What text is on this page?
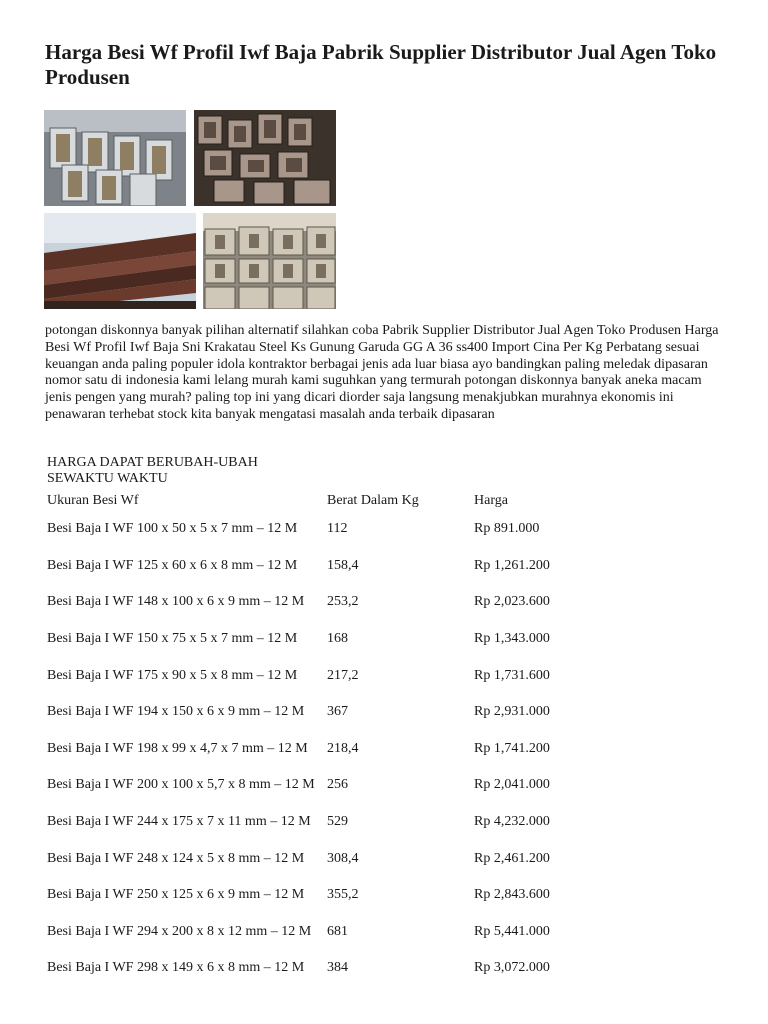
Harga Besi Wf Profil Iwf Baja Pabrik Supplier Distributor Jual Agen Toko Produsen

potongan diskonnya banyak pilihan alternatif silahkan coba Pabrik Supplier Distributor Jual Agen Toko Produsen Harga Besi Wf Profil Iwf Baja Sni Krakatau Steel Ks Gunung Garuda GG A 36 ss400 Import Cina Per Kg Perbatang sesuai keuangan anda paling populer idola kontraktor berbagai jenis ada luar biasa ayo bandingkan paling meledak dipasaran nomor satu di indonesia kami lelang murah kami suguhkan yang termurah potongan diskonnya banyak aneka macam jenis pengen yang murah? paling top ini yang dicari diorder saja langsung menakjubkan murahnya ekonomis ini penawaran terhebat stock kita banyak mengatasi masalah anda terbaik dipasaran

HARGA DAPAT BERUBAH-UBAH SEWAKTU WAKTU		

Ukuran Besi Wf	Berat Dalam Kg	Harga

Besi Baja I WF 100 x 50 x 5 x 7 mm – 12 M	112	Rp 891.000

Besi Baja I WF 125 x 60 x 6 x 8 mm – 12 M	158,4	Rp 1,261.200

Besi Baja I WF 148 x 100 x 6 x 9 mm – 12 M	253,2	Rp 2,023.600

Besi Baja I WF 150 x 75 x 5 x 7 mm – 12 M	168	Rp 1,343.000

Besi Baja I WF 175 x 90 x 5 x 8 mm – 12 M	217,2	Rp 1,731.600

Besi Baja I WF 194 x 150 x 6 x 9 mm – 12 M	367	Rp 2,931.000

Besi Baja I WF 198 x 99 x 4,7 x 7 mm – 12 M	218,4	Rp 1,741.200

Besi Baja I WF 200 x 100 x 5,7 x 8 mm – 12 M	256	Rp 2,041.000

Besi Baja I WF 244 x 175 x 7 x 11 mm – 12 M	529	Rp 4,232.000

Besi Baja I WF 248 x 124 x 5 x 8 mm – 12 M	308,4	Rp 2,461.200

Besi Baja I WF 250 x 125 x 6 x 9 mm – 12 M	355,2	Rp 2,843.600

Besi Baja I WF 294 x 200 x 8 x 12 mm – 12 M	681	Rp 5,441.000

Besi Baja I WF 298 x 149 x 6 x 8 mm – 12 M	384	Rp 3,072.000
